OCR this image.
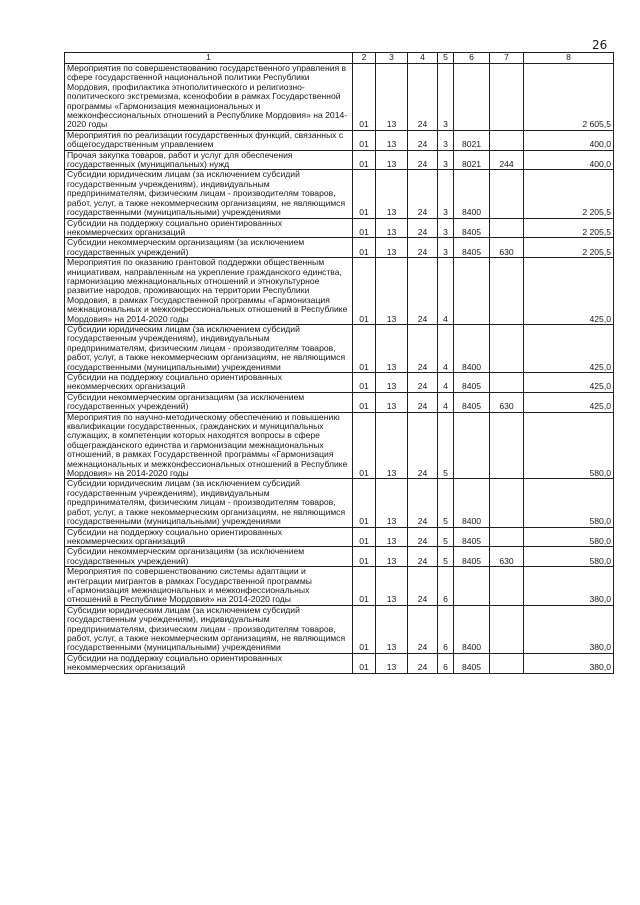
26
1	2	3	4	5	6	7	8
Мероприятия по совершенствованию государственного управления в сфере государственной национальной политики Республики Мордовия, профилактика этнополитического и религиозно-политического экстремизма, ксенофобии в рамках Государственной программы «Гармонизация межнациональных и межконфессиональных отношений в Республике Мордовия» на 2014-2020 годы	01	13	24	3			2 605,5
Мероприятия по реализации государственных функций, связанных с общегосударственным управлением	01	13	24	3	8021		400,0
Прочая закупка товаров, работ и услуг для обеспечения государственных (муниципальных) нужд	01	13	24	3	8021	244	400,0
Субсидии юридическим лицам (за исключением субсидий государственным учреждениям), индивидуальным предпринимателям, физическим лицам - производителям товаров, работ, услуг, а также некоммерческим организациям, не являющимся государственными (муниципальными) учреждениями	01	13	24	3	8400		2 205,5
Субсидии на поддержку социально ориентированных некоммерческих организаций	01	13	24	3	8405		2 205,5
Субсидии некоммерческим организациям (за исключением государственных учреждений)	01	13	24	3	8405	630	2 205,5
Мероприятия по оказанию грантовой поддержки общественным инициативам, направленным на укрепление гражданского единства, гармонизацию межнациональных отношений и этнокультурное развитие народов, проживающих на территории Республики Мордовия, в рамках Государственной программы «Гармонизация межнациональных и межконфессиональных отношений в Республике Мордовия» на 2014-2020 годы	01	13	24	4			425,0
Субсидии юридическим лицам (за исключением субсидий государственным учреждениям), индивидуальным предпринимателям, физическим лицам - производителям товаров, работ, услуг, а также некоммерческим организациям, не являющимся государственными (муниципальными) учреждениями	01	13	24	4	8400		425,0
Субсидии на поддержку социально ориентированных некоммерческих организаций	01	13	24	4	8405		425,0
Субсидии некоммерческим организациям (за исключением государственных учреждений)	01	13	24	4	8405	630	425,0
Мероприятия по научно-методическому обеспечению и повышению квалификации государственных, гражданских и муниципальных служащих, в компетенции которых находятся вопросы в сфере общегражданского единства и гармонизации межнациональных отношений, в рамках Государственной программы «Гармонизация межнациональных и межконфессиональных отношений в Республике Мордовия» на 2014-2020 годы	01	13	24	5			580,0
Субсидии юридическим лицам (за исключением субсидий государственным учреждениям), индивидуальным предпринимателям, физическим лицам - производителям товаров, работ, услуг, а также некоммерческим организациям, не являющимся государственными (муниципальными) учреждениями	01	13	24	5	8400		580,0
Субсидии на поддержку социально ориентированных некоммерческих организаций	01	13	24	5	8405		580,0
Субсидии некоммерческим организациям (за исключением государственных учреждений)	01	13	24	5	8405	630	580,0
Мероприятия по совершенствованию системы адаптации и интеграции мигрантов в рамках Государственной программы «Гармонизация межнациональных и межконфессиональных отношений в Республике Мордовия» на 2014-2020 годы	01	13	24	6			380,0
Субсидии юридическим лицам (за исключением субсидий государственным учреждениям), индивидуальным предпринимателям, физическим лицам - производителям товаров, работ, услуг, а также некоммерческим организациям, не являющимся государственными (муниципальными) учреждениями	01	13	24	6	8400		380,0
Субсидии на поддержку социально ориентированных некоммерческих организаций	01	13	24	6	8405		380,0
